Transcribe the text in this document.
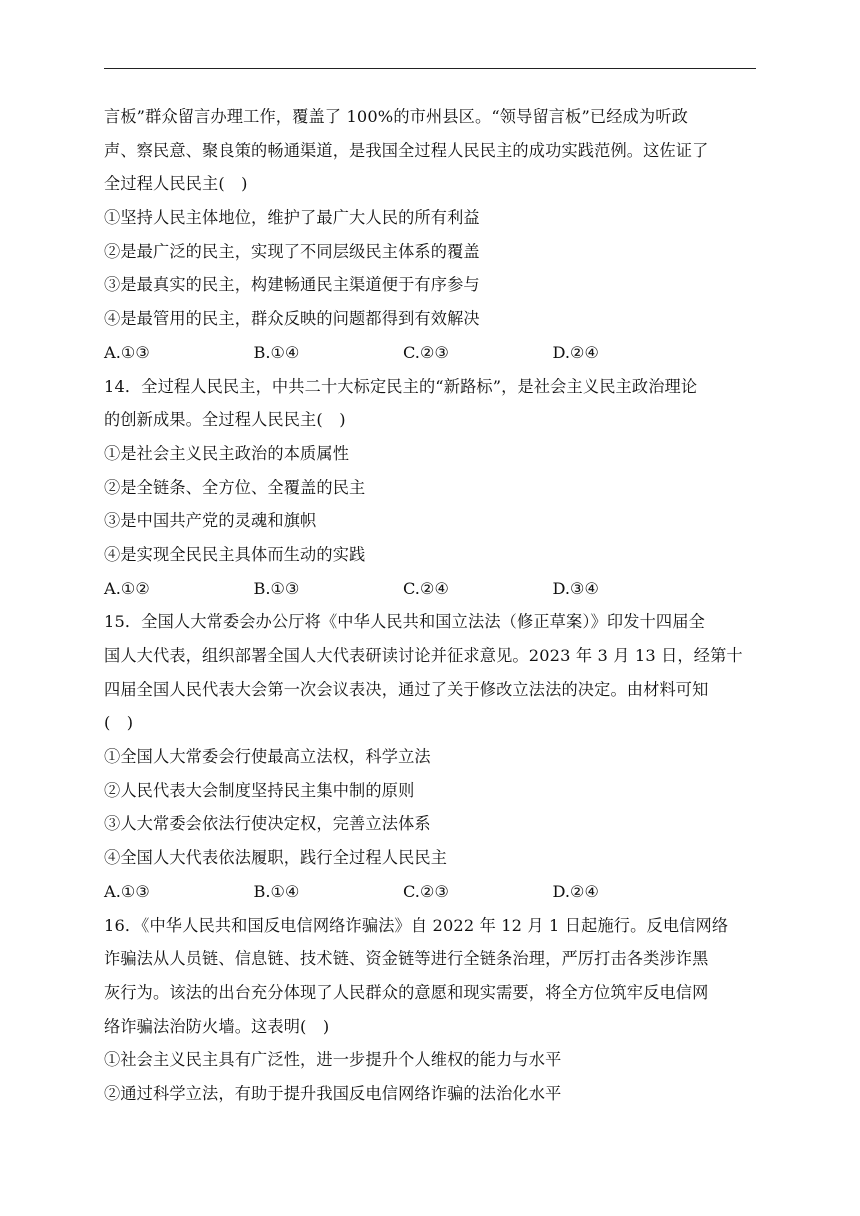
言板”群众留言办理工作，覆盖了 100%的市州县区。“领导留言板”已经成为听政
声、察民意、聚良策的畅通渠道，是我国全过程人民民主的成功实践范例。这佐证了
全过程人民民主(　)
①坚持人民主体地位，维护了最广大人民的所有利益
②是最广泛的民主，实现了不同层级民主体系的覆盖
③是最真实的民主，构建畅通民主渠道便于有序参与
④是最管用的民主，群众反映的问题都得到有效解决
A.①③	B.①④	C.②③	D.②④
14．全过程人民民主，中共二十大标定民主的“新路标”，是社会主义民主政治理论
的创新成果。全过程人民民主(　)
①是社会主义民主政治的本质属性
②是全链条、全方位、全覆盖的民主
③是中国共产党的灵魂和旗帜
④是实现全民民主具体而生动的实践
A.①②	B.①③	C.②④	D.③④
15．全国人大常委会办公厅将《中华人民共和国立法法（修正草案）》印发十四届全
国人大代表，组织部署全国人大代表研读讨论并征求意见。2023 年 3 月 13 日，经第十
四届全国人民代表大会第一次会议表决，通过了关于修改立法法的决定。由材料可知
(　)
①全国人大常委会行使最高立法权，科学立法
②人民代表大会制度坚持民主集中制的原则
③人大常委会依法行使决定权，完善立法体系
④全国人大代表依法履职，践行全过程人民民主
A.①③	B.①④	C.②③	D.②④
16．《中华人民共和国反电信网络诈骗法》自 2022 年 12 月 1 日起施行。反电信网络
诈骗法从人员链、信息链、技术链、资金链等进行全链条治理，严厉打击各类涉诈黑
灰行为。该法的出台充分体现了人民群众的意愿和现实需要，将全方位筑牢反电信网
络诈骗法治防火墙。这表明(　)
①社会主义民主具有广泛性，进一步提升个人维权的能力与水平
②通过科学立法，有助于提升我国反电信网络诈骗的法治化水平
